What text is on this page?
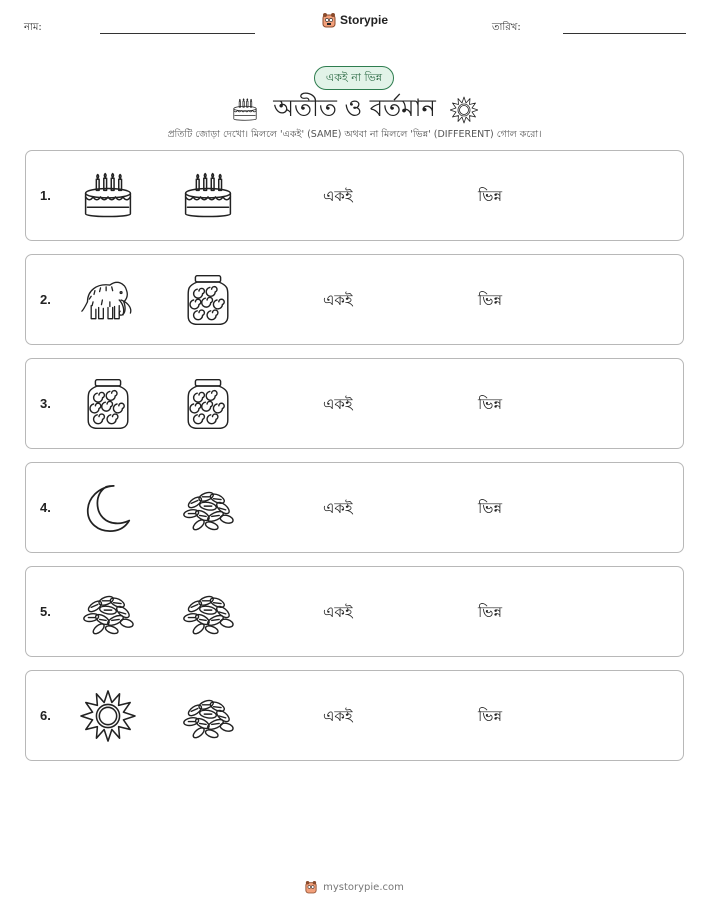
নাম:	তারিখ:
Storypie
একই না ভিন্ন
অতীত ও বর্তমান
প্রতিটি জোড়া দেখো। মিললে 'একই' (SAME) অথবা না মিললে 'ভিন্ন' (DIFFERENT) গোল করো।
1.	একই	ভিন্ন
2.	একই	ভিন্ন
3.	একই	ভিন্ন
4.	একই	ভিন্ন
5.	একই	ভিন্ন
6.	একই	ভিন্ন
mystorypie.com
